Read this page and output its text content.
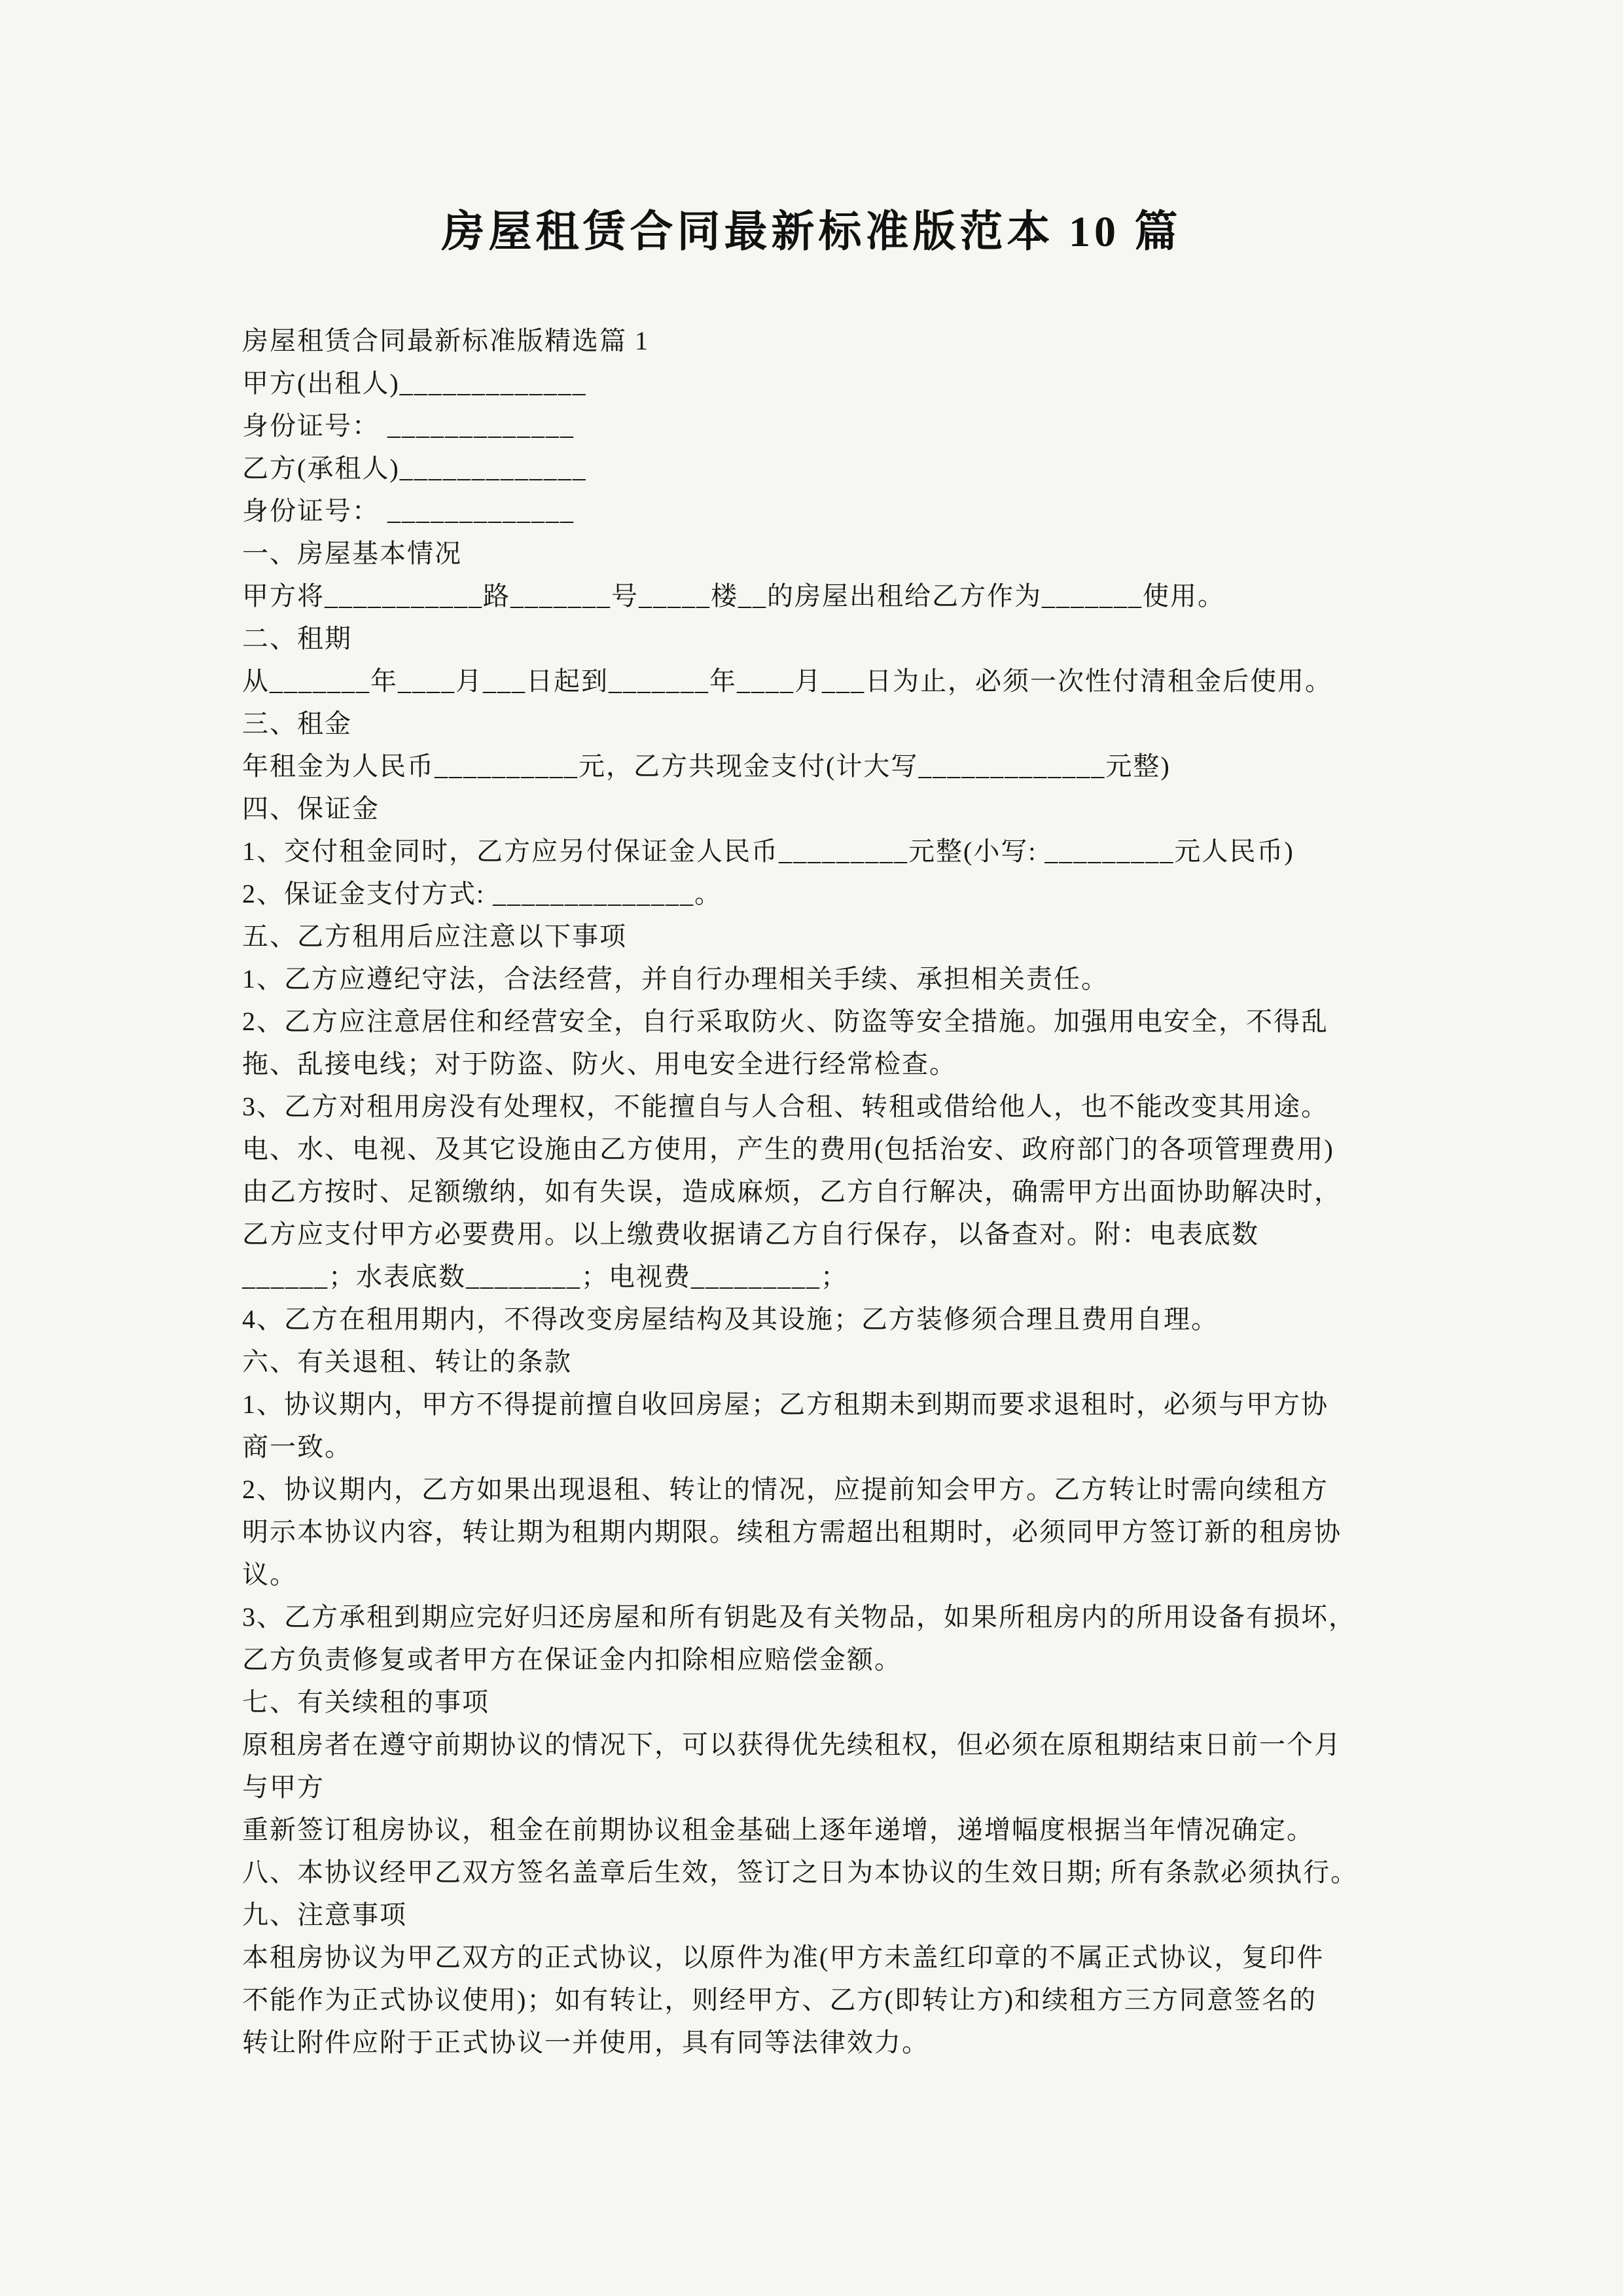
房屋租赁合同最新标准版范本 10 篇

房屋租赁合同最新标准版精选篇 1

甲方(出租人)_____________

身份证号： _____________

乙方(承租人)_____________

身份证号： _____________

一、房屋基本情况

甲方将___________路_______号_____楼__的房屋出租给乙方作为_______使用。

二、租期

从_______年____月___日起到_______年____月___日为止，必须一次性付清租金后使用。

三、租金

年租金为人民币__________元，乙方共现金支付(计大写_____________元整)

四、保证金

1、交付租金同时，乙方应另付保证金人民币_________元整(小写: _________元人民币)

2、保证金支付方式: ______________。

五、乙方租用后应注意以下事项

1、乙方应遵纪守法，合法经营，并自行办理相关手续、承担相关责任。

2、乙方应注意居住和经营安全，自行采取防火、防盗等安全措施。加强用电安全，不得乱

拖、乱接电线；对于防盗、防火、用电安全进行经常检查。

3、乙方对租用房没有处理权，不能擅自与人合租、转租或借给他人，也不能改变其用途。

电、水、电视、及其它设施由乙方使用，产生的费用(包括治安、政府部门的各项管理费用)

由乙方按时、足额缴纳，如有失误，造成麻烦，乙方自行解决，确需甲方出面协助解决时，

乙方应支付甲方必要费用。以上缴费收据请乙方自行保存，以备查对。附：电表底数

______；水表底数________；电视费_________；

4、乙方在租用期内，不得改变房屋结构及其设施；乙方装修须合理且费用自理。

六、有关退租、转让的条款

1、协议期内，甲方不得提前擅自收回房屋；乙方租期未到期而要求退租时，必须与甲方协

商一致。

2、协议期内，乙方如果出现退租、转让的情况，应提前知会甲方。乙方转让时需向续租方

明示本协议内容，转让期为租期内期限。续租方需超出租期时，必须同甲方签订新的租房协

议。

3、乙方承租到期应完好归还房屋和所有钥匙及有关物品，如果所租房内的所用设备有损坏，

乙方负责修复或者甲方在保证金内扣除相应赔偿金额。

七、有关续租的事项

原租房者在遵守前期协议的情况下，可以获得优先续租权，但必须在原租期结束日前一个月

与甲方

重新签订租房协议，租金在前期协议租金基础上逐年递增，递增幅度根据当年情况确定。

八、本协议经甲乙双方签名盖章后生效，签订之日为本协议的生效日期; 所有条款必须执行。

九、注意事项

本租房协议为甲乙双方的正式协议，以原件为准(甲方未盖红印章的不属正式协议，复印件

不能作为正式协议使用)；如有转让，则经甲方、乙方(即转让方)和续租方三方同意签名的

转让附件应附于正式协议一并使用，具有同等法律效力。
